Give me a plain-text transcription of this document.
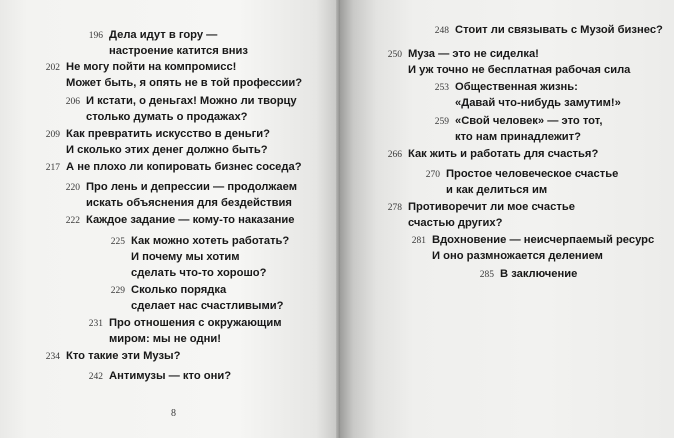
196 Дела идут в гору —
настроение катится вниз
202 Не могу пойти на компромисс!
Может быть, я опять не в той профессии?
206 И кстати, о деньгах! Можно ли творцу
столько думать о продажах?
209 Как превратить искусство в деньги?
И сколько этих денег должно быть?
217 А не плохо ли копировать бизнес соседа?
220 Про лень и депрессии — продолжаем
искать объяснения для бездействия
222 Каждое задание — кому-то наказание
225 Как можно хотеть работать?
И почему мы хотим
сделать что-то хорошо?
229 Сколько порядка
сделает нас счастливыми?
231 Про отношения с окружающим
миром: мы не одни!
234 Кто такие эти Музы?
242 Антимузы — кто они?
8
248 Стоит ли связывать с Музой бизнес?
250 Муза — это не сиделка!
И уж точно не бесплатная рабочая сила
253 Общественная жизнь:
«Давай что-нибудь замутим!»
259 «Свой человек» — это тот,
кто нам принадлежит?
266 Как жить и работать для счастья?
270 Простое человеческое счастье
и как делиться им
278 Противоречит ли мое счастье
счастью других?
281 Вдохновение — неисчерпаемый ресурс
И оно размножается делением
285 В заключение
